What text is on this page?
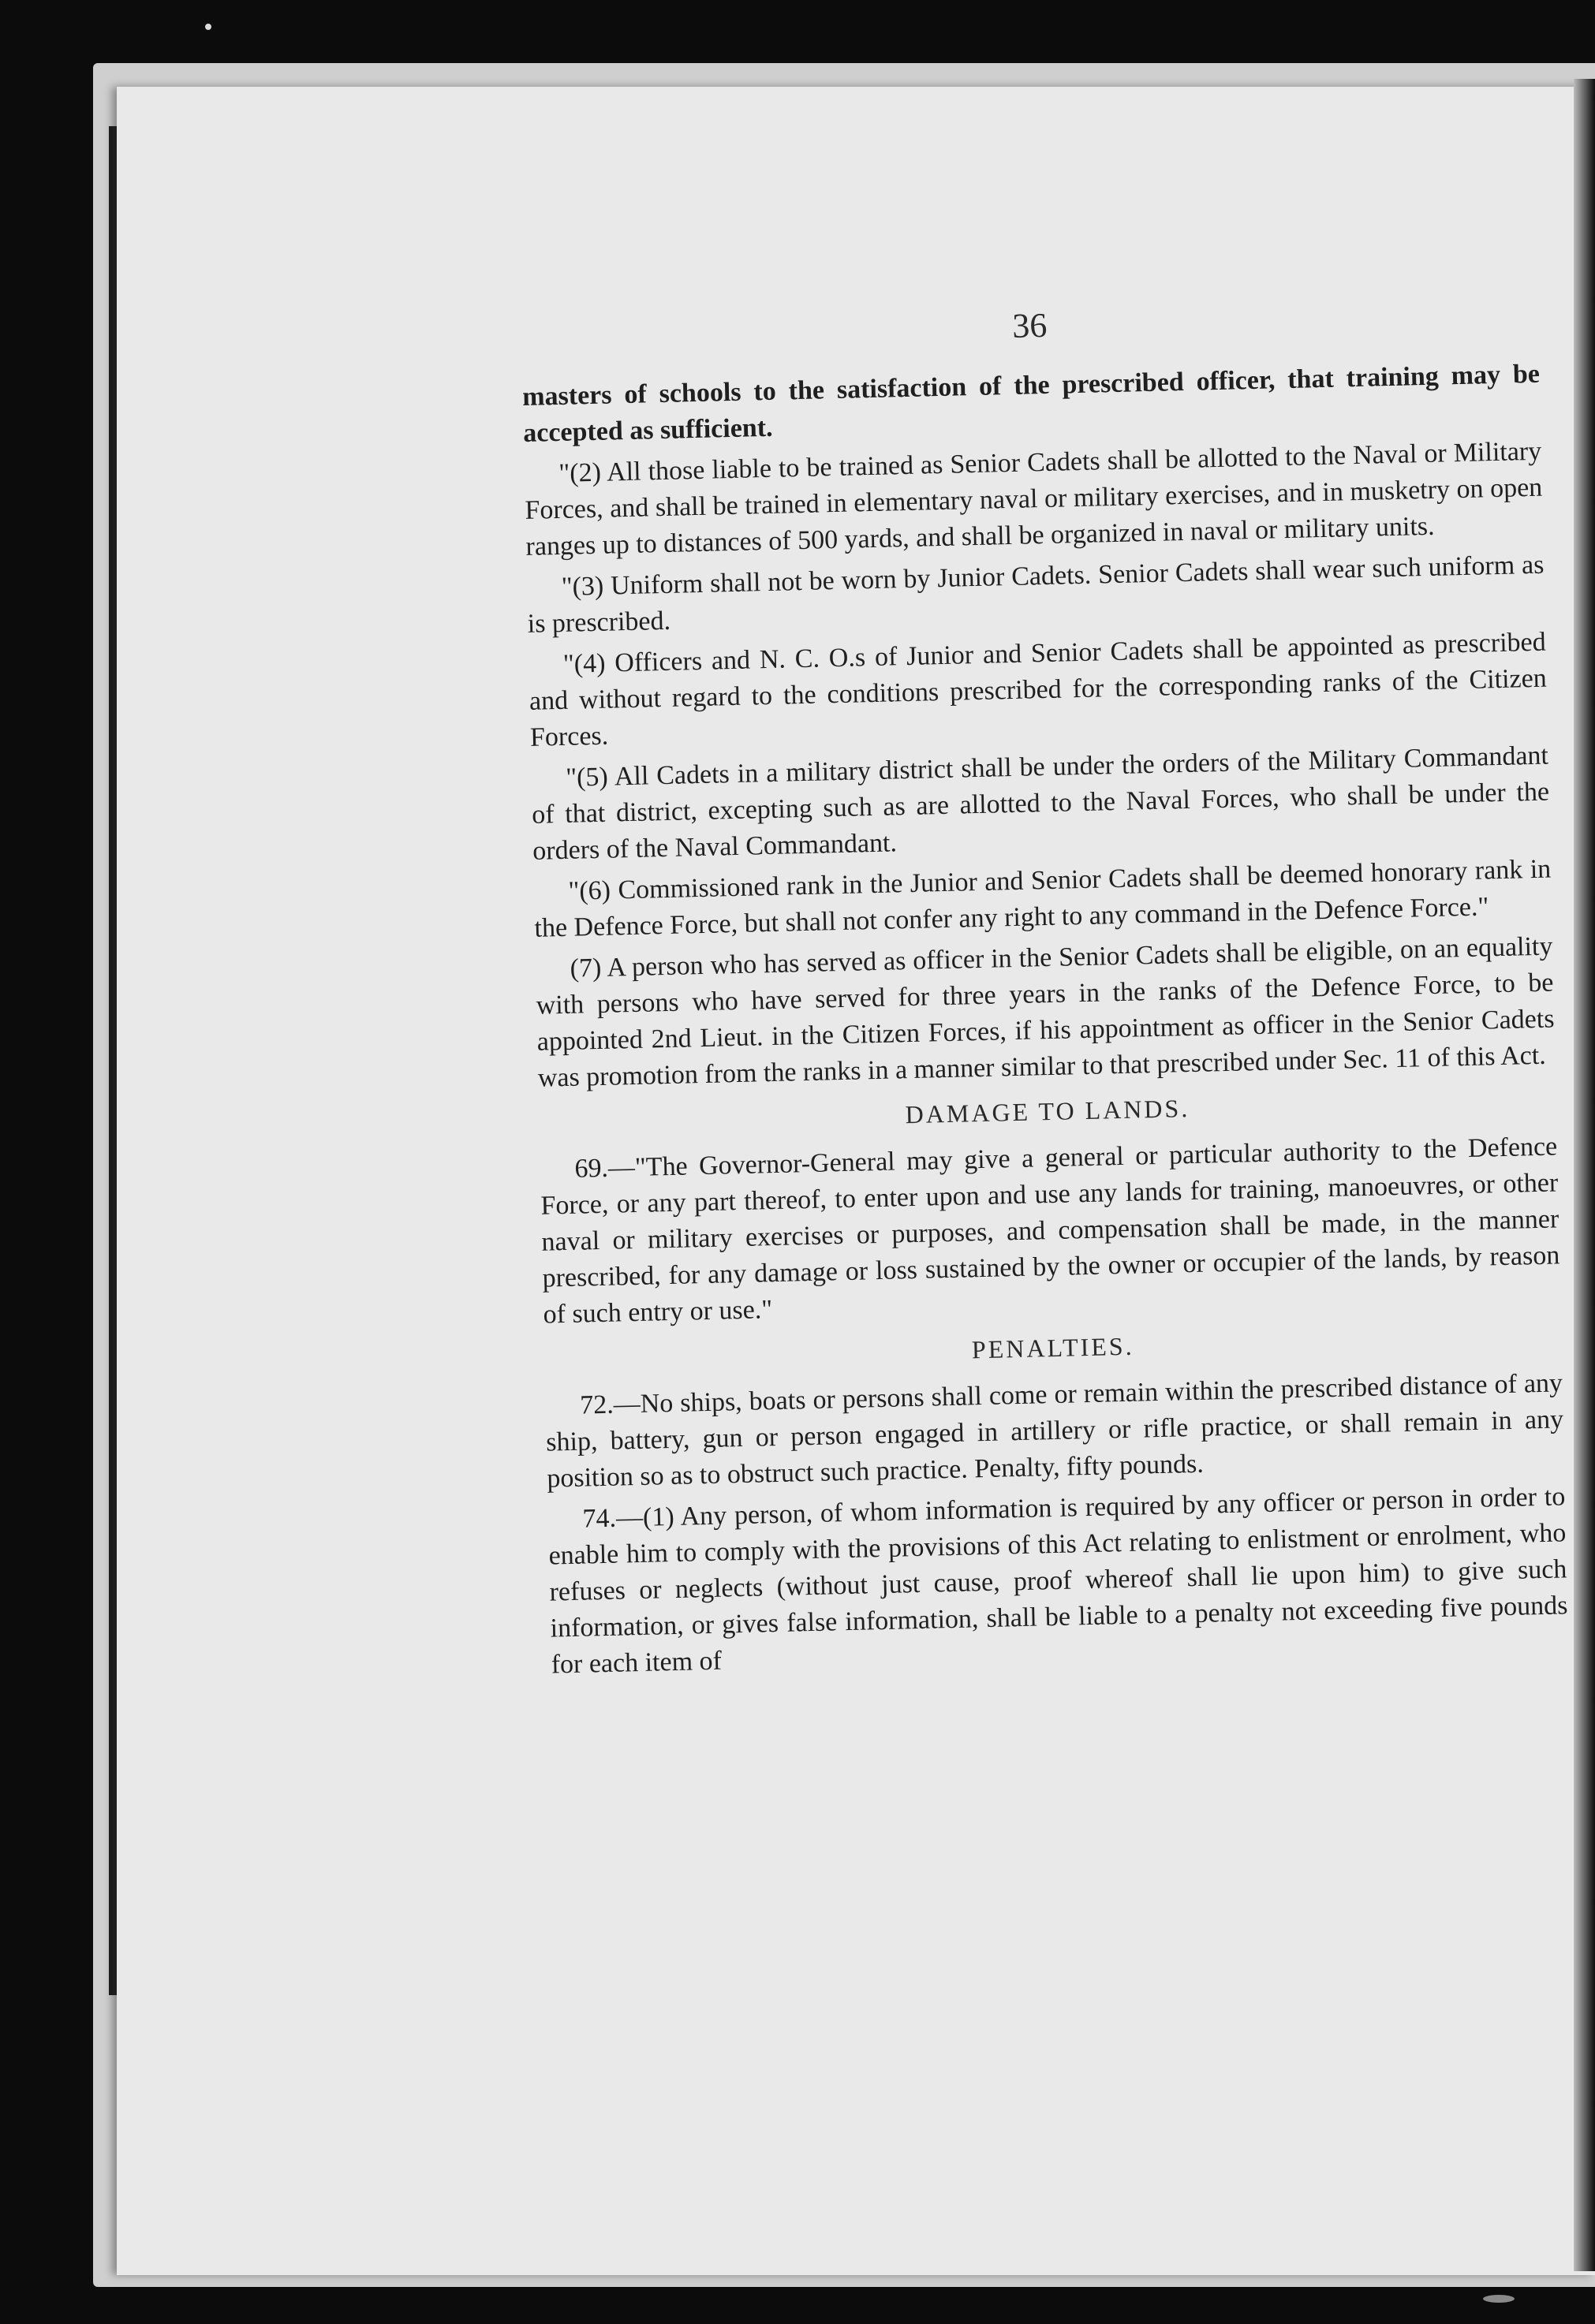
36

masters of schools to the satisfaction of the prescribed officer, that training may be accepted as sufficient.

"(2) All those liable to be trained as Senior Cadets shall be allotted to the Naval or Military Forces, and shall be trained in elementary naval or military exercises, and in musketry on open ranges up to distances of 500 yards, and shall be organized in naval or military units.

"(3) Uniform shall not be worn by Junior Cadets. Senior Cadets shall wear such uniform as is prescribed.

"(4) Officers and N. C. O.s of Junior and Senior Cadets shall be appointed as prescribed and without regard to the conditions prescribed for the corresponding ranks of the Citizen Forces.

"(5) All Cadets in a military district shall be under the orders of the Military Commandant of that district, excepting such as are allotted to the Naval Forces, who shall be under the orders of the Naval Commandant.

"(6) Commissioned rank in the Junior and Senior Cadets shall be deemed honorary rank in the Defence Force, but shall not confer any right to any command in the Defence Force."

(7) A person who has served as officer in the Senior Cadets shall be eligible, on an equality with persons who have served for three years in the ranks of the Defence Force, to be appointed 2nd Lieut. in the Citizen Forces, if his appointment as officer in the Senior Cadets was promotion from the ranks in a manner similar to that prescribed under Sec. 11 of this Act.

DAMAGE TO LANDS.

69.—"The Governor-General may give a general or particular authority to the Defence Force, or any part thereof, to enter upon and use any lands for training, manoeuvres, or other naval or military exercises or purposes, and compensation shall be made, in the manner prescribed, for any damage or loss sustained by the owner or occupier of the lands, by reason of such entry or use."

PENALTIES.

72.—No ships, boats or persons shall come or remain within the prescribed distance of any ship, battery, gun or person engaged in artillery or rifle practice, or shall remain in any position so as to obstruct such practice. Penalty, fifty pounds.

74.—(1) Any person, of whom information is required by any officer or person in order to enable him to comply with the provisions of this Act relating to enlistment or enrolment, who refuses or neglects (without just cause, proof whereof shall lie upon him) to give such information, or gives false information, shall be liable to a penalty not exceeding five pounds for each item of
